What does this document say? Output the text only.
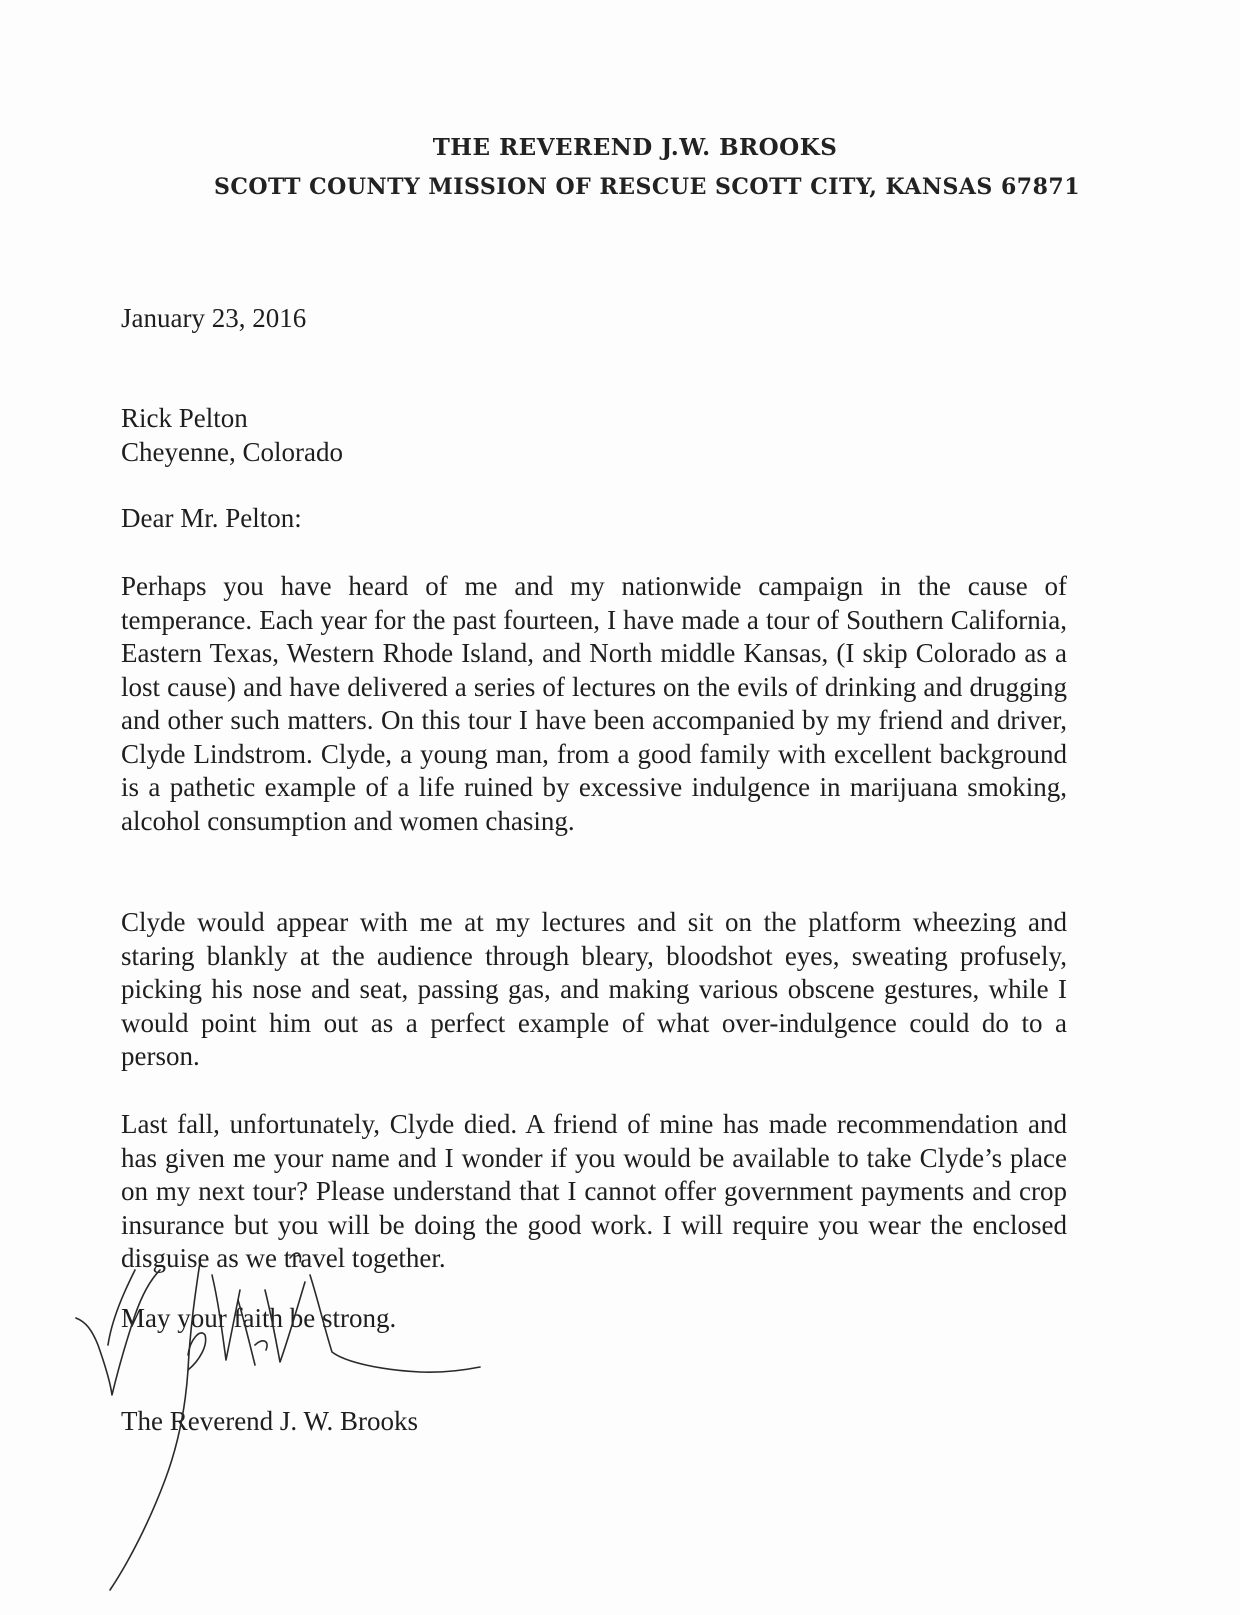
THE REVEREND J.W. BROOKS
SCOTT COUNTY MISSION OF RESCUE SCOTT CITY, KANSAS 67871
January 23, 2016
Rick Pelton
Cheyenne, Colorado
Dear Mr. Pelton:
Perhaps you have heard of me and my nationwide campaign in the cause of temperance. Each year for the past fourteen, I have made a tour of Southern California, Eastern Texas, Western Rhode Island, and North middle Kansas, (I skip Colorado as a lost cause) and have delivered a series of lectures on the evils of drinking and drugging and other such matters. On this tour I have been accompanied by my friend and driver, Clyde Lindstrom. Clyde, a young man, from a good family with excellent background is a pathetic example of a life ruined by excessive indulgence in marijuana smoking, alcohol consumption and women chasing.
Clyde would appear with me at my lectures and sit on the platform wheezing and staring blankly at the audience through bleary, bloodshot eyes, sweating profusely, picking his nose and seat, passing gas, and making various obscene gestures, while I would point him out as a perfect example of what over-indulgence could do to a person.
Last fall, unfortunately, Clyde died. A friend of mine has made recommendation and has given me your name and I wonder if you would be available to take Clyde’s place on my next tour? Please understand that I cannot offer government payments and crop insurance but you will be doing the good work. I will require you wear the enclosed disguise as we travel together.
May your faith be strong.
The Reverend J. W. Brooks
